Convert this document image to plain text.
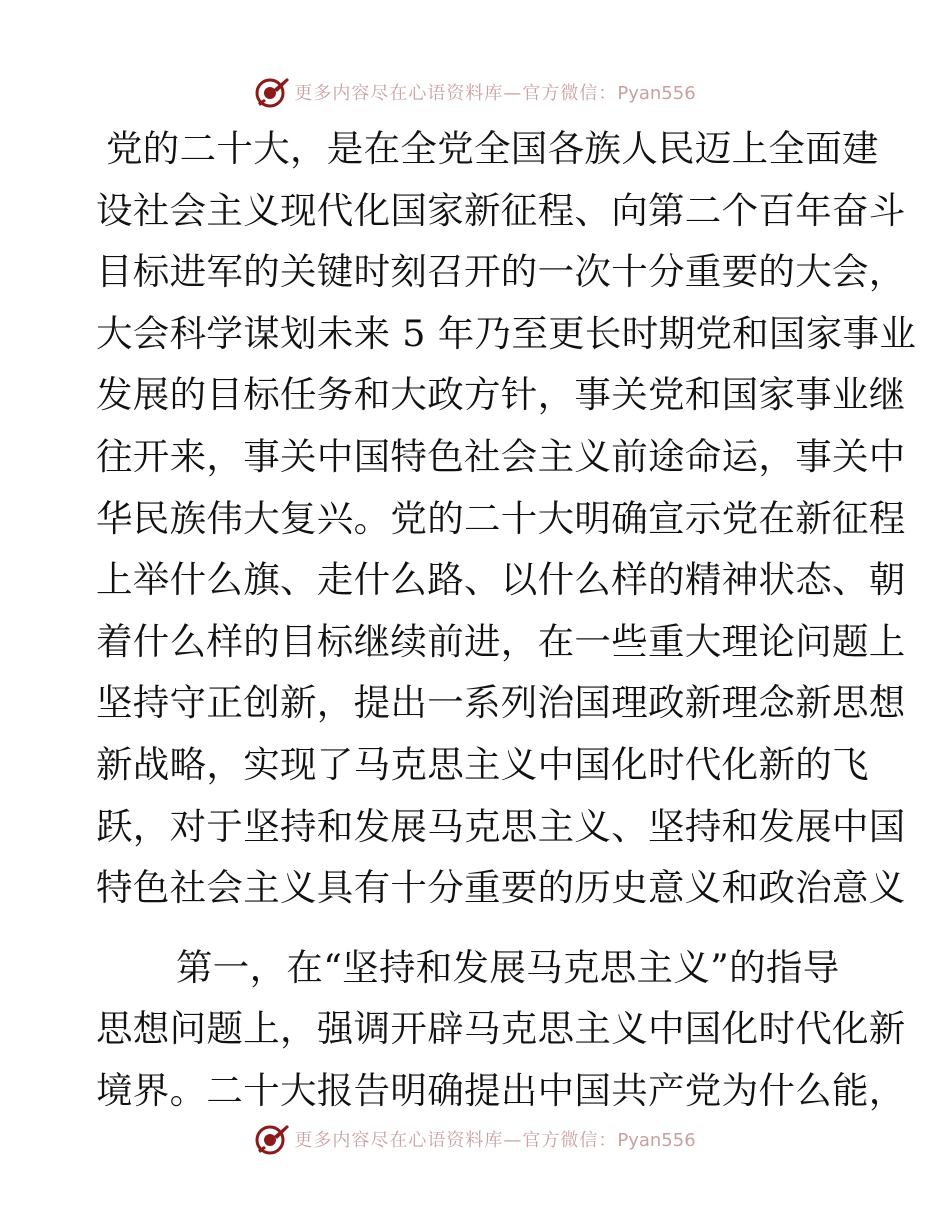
更多内容尽在心语资料库—官方微信：Pyan556
党的二十大，是在全党全国各族人民迈上全面建
设社会主义现代化国家新征程、向第二个百年奋斗
目标进军的关键时刻召开的一次十分重要的大会，
大会科学谋划未来 5 年乃至更长时期党和国家事业
发展的目标任务和大政方针，事关党和国家事业继
往开来，事关中国特色社会主义前途命运，事关中
华民族伟大复兴。党的二十大明确宣示党在新征程
上举什么旗、走什么路、以什么样的精神状态、朝
着什么样的目标继续前进，在一些重大理论问题上
坚持守正创新，提出一系列治国理政新理念新思想
新战略，实现了马克思主义中国化时代化新的飞
跃，对于坚持和发展马克思主义、坚持和发展中国
特色社会主义具有十分重要的历史意义和政治意义
第一，在“坚持和发展马克思主义”的指导
思想问题上，强调开辟马克思主义中国化时代化新
境界。二十大报告明确提出中国共产党为什么能，
更多内容尽在心语资料库—官方微信：Pyan556
